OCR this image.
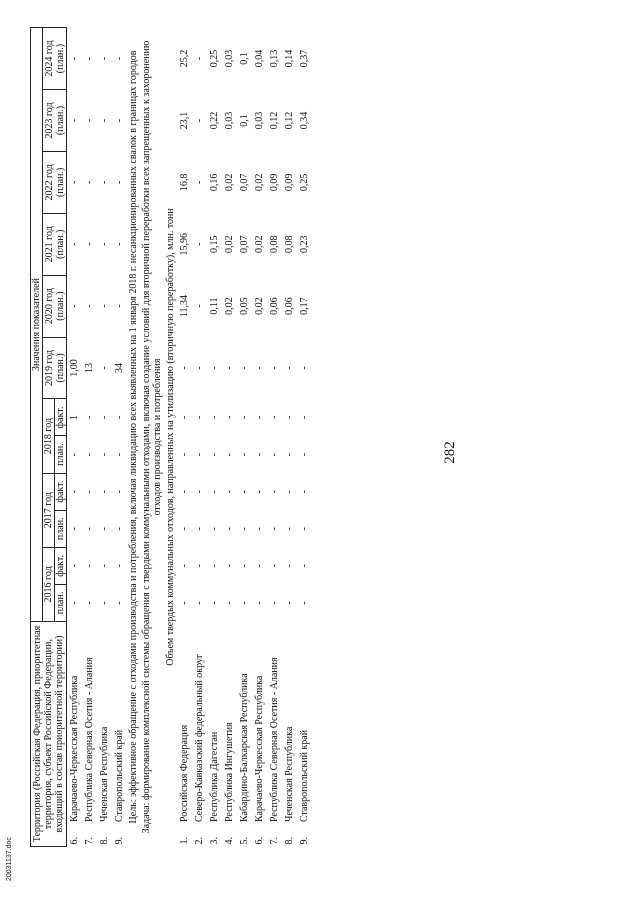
282
20031137.doc
Территория (Российская Федерация, приоритетная территория, субъект Российской Федерации, входящий в состав приоритетной территории)		Значения показателей											
		2016 год		2017 год		2018 год		2019 год (план.)	2020 год (план.)	2021 год (план.)	2022 год (план.)	2023 год (план.)	2024 год (план.)
		план.	факт.	план.	факт.	план.	факт.						
6.	Карачаево-Черкесская Республика	-	-	-	-	-	1	1,00	-	-	-	-	-
7.	Республика Северная Осетия - Алания	-	-	-	-	-	-	13	-	-	-	-	-
8.	Чеченская Республика	-	-	-	-	-	-	-	-	-	-	-	-
9.	Ставропольский край	-	-	-	-	-	-	34	-	-	-	-	-
Цель: эффективное обращение с отходами производства и потребления, включая ликвидацию всех выявленных на 1 января 2018 г. несанкционированных свалок в границах городов													
Задача: формирование комплексной системы обращения с твердыми коммунальными отходами, включая создание условий для вторичной переработки всех запрещенных к захоронению отходов производства и потребления													
Объем твердых коммунальных отходов, направленных на утилизацию (вторичную переработку), млн. тонн													
1.	Российская Федерация	-	-	-	-	-	-	-	11,34	15,96	16,8	23,1	25,2
2.	Северо-Кавказский федеральный округ	-	-	-	-	-	-	-	-	-	-	-	-
3.	Республика Дагестан	-	-	-	-	-	-	-	0,11	0,15	0,16	0,22	0,25
4.	Республика Ингушетия	-	-	-	-	-	-	-	0,02	0,02	0,02	0,03	0,03
5.	Кабардино-Балкарская Республика	-	-	-	-	-	-	-	0,05	0,07	0,07	0,1	0,1
6.	Карачаево-Черкесская Республика	-	-	-	-	-	-	-	0,02	0,02	0,02	0,03	0,04
7.	Республика Северная Осетия - Алания	-	-	-	-	-	-	-	0,06	0,08	0,09	0,12	0,13
8.	Чеченская Республика	-	-	-	-	-	-	-	0,06	0,08	0,09	0,12	0,14
9.	Ставропольский край	-	-	-	-	-	-	-	0,17	0,23	0,25	0,34	0,37
